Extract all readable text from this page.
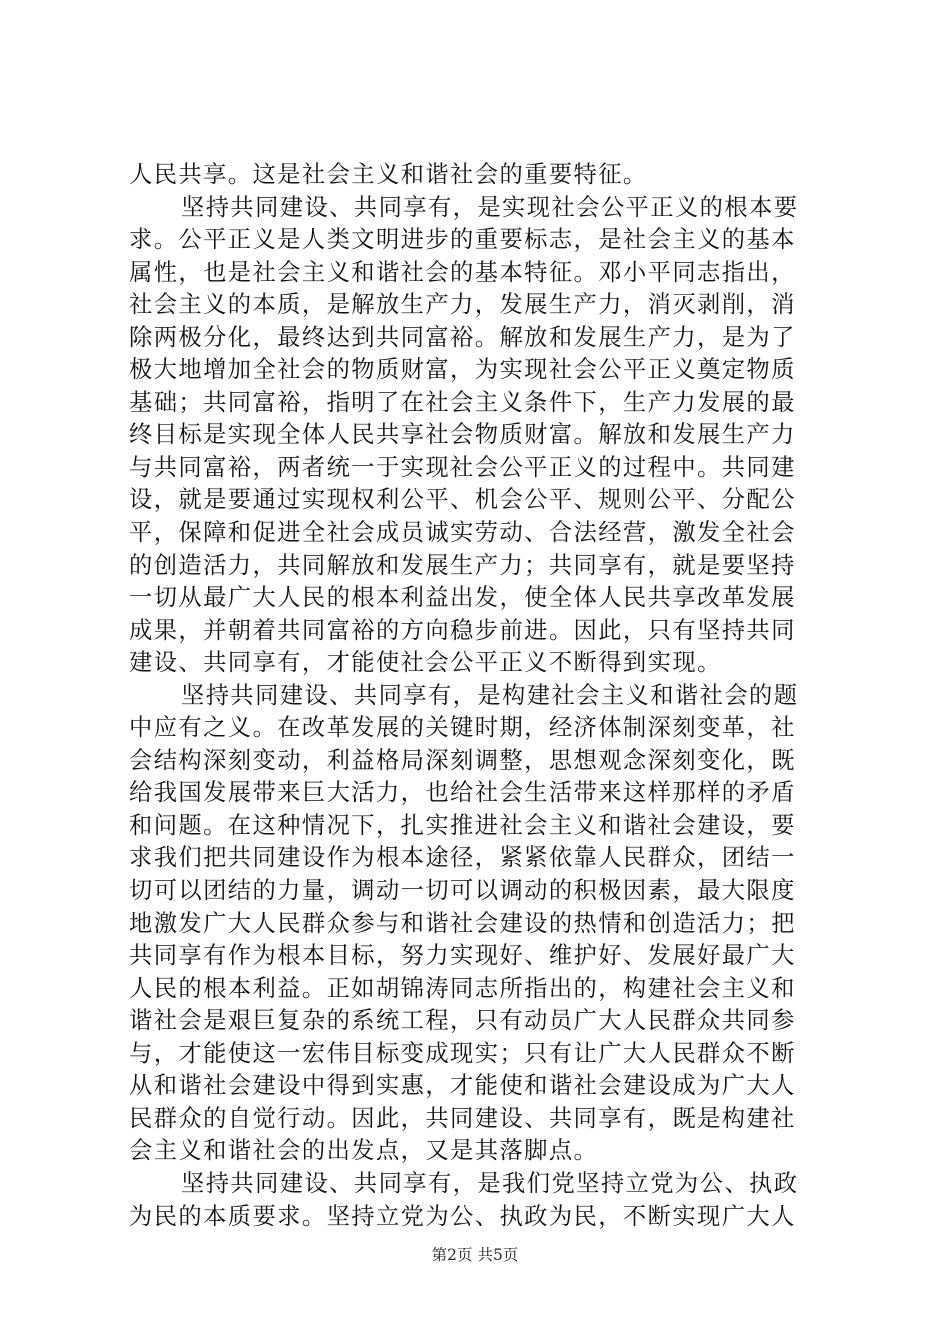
人民共享。这是社会主义和谐社会的重要特征。
坚持共同建设、共同享有，是实现社会公平正义的根本要
求。公平正义是人类文明进步的重要标志，是社会主义的基本
属性，也是社会主义和谐社会的基本特征。邓小平同志指出，
社会主义的本质，是解放生产力，发展生产力，消灭剥削，消
除两极分化，最终达到共同富裕。解放和发展生产力，是为了
极大地增加全社会的物质财富，为实现社会公平正义奠定物质
基础；共同富裕，指明了在社会主义条件下，生产力发展的最
终目标是实现全体人民共享社会物质财富。解放和发展生产力
与共同富裕，两者统一于实现社会公平正义的过程中。共同建
设，就是要通过实现权利公平、机会公平、规则公平、分配公
平，保障和促进全社会成员诚实劳动、合法经营，激发全社会
的创造活力，共同解放和发展生产力；共同享有，就是要坚持
一切从最广大人民的根本利益出发，使全体人民共享改革发展
成果，并朝着共同富裕的方向稳步前进。因此，只有坚持共同
建设、共同享有，才能使社会公平正义不断得到实现。
坚持共同建设、共同享有，是构建社会主义和谐社会的题
中应有之义。在改革发展的关键时期，经济体制深刻变革，社
会结构深刻变动，利益格局深刻调整，思想观念深刻变化，既
给我国发展带来巨大活力，也给社会生活带来这样那样的矛盾
和问题。在这种情况下，扎实推进社会主义和谐社会建设，要
求我们把共同建设作为根本途径，紧紧依靠人民群众，团结一
切可以团结的力量，调动一切可以调动的积极因素，最大限度
地激发广大人民群众参与和谐社会建设的热情和创造活力；把
共同享有作为根本目标，努力实现好、维护好、发展好最广大
人民的根本利益。正如胡锦涛同志所指出的，构建社会主义和
谐社会是艰巨复杂的系统工程，只有动员广大人民群众共同参
与，才能使这一宏伟目标变成现实；只有让广大人民群众不断
从和谐社会建设中得到实惠，才能使和谐社会建设成为广大人
民群众的自觉行动。因此，共同建设、共同享有，既是构建社
会主义和谐社会的出发点，又是其落脚点。
坚持共同建设、共同享有，是我们党坚持立党为公、执政
为民的本质要求。坚持立党为公、执政为民，不断实现广大人
第2页 共5页
